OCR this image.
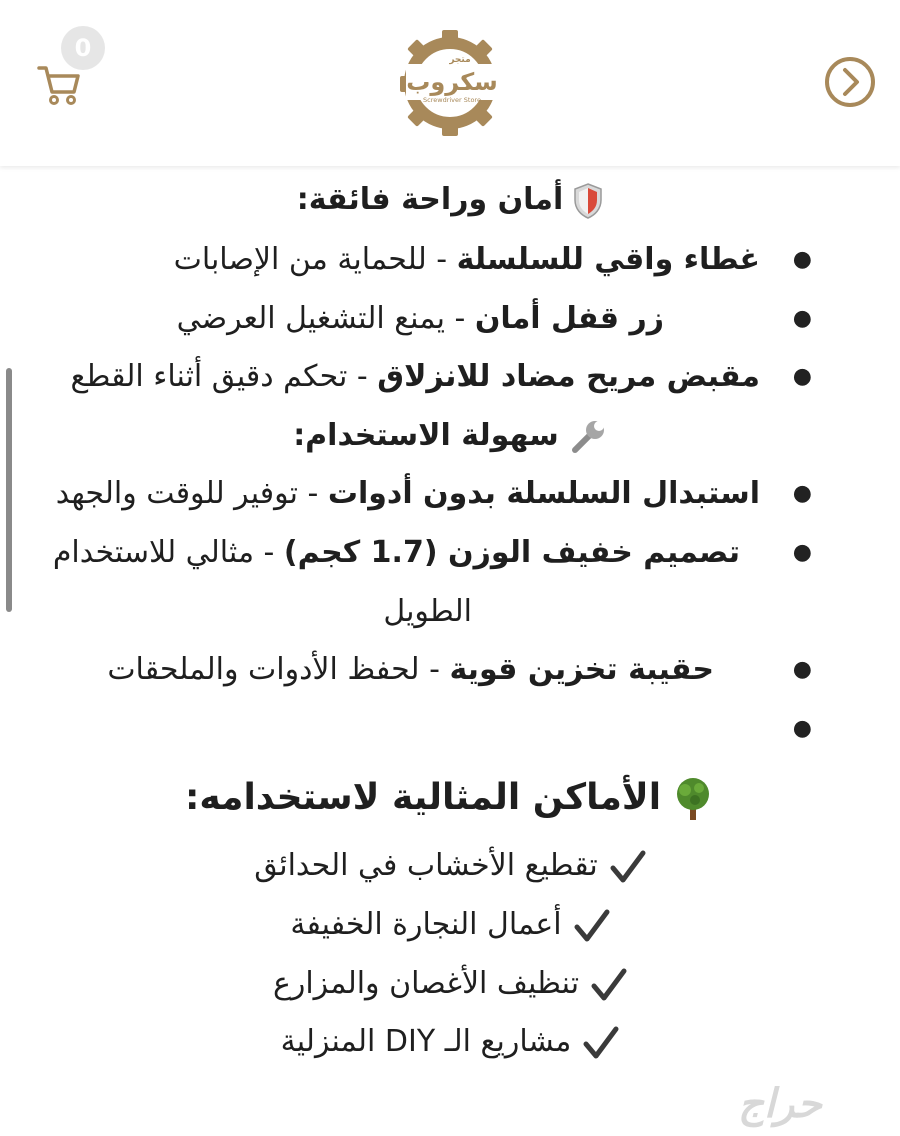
0	متجر
سكروب
Screwdriver Store
أمان وراحة فائقة:
●
غطاء واقي للسلسلة - للحماية من الإصابات
●
زر قفل أمان - يمنع التشغيل العرضي
●
مقبض مريح مضاد للانزلاق - تحكم دقيق أثناء القطع
سهولة الاستخدام:
●
استبدال السلسلة بدون أدوات - توفير للوقت والجهد
●
تصميم خفيف الوزن (1.7 كجم) - مثالي للاستخدام
الطويل
●
حقيبة تخزين قوية - لحفظ الأدوات والملحقات
●
الأماكن المثالية لاستخدامه:
تقطيع الأخشاب في الحدائق
أعمال النجارة الخفيفة
تنظيف الأغصان والمزارع
مشاريع الـ DIY المنزلية
حراج
